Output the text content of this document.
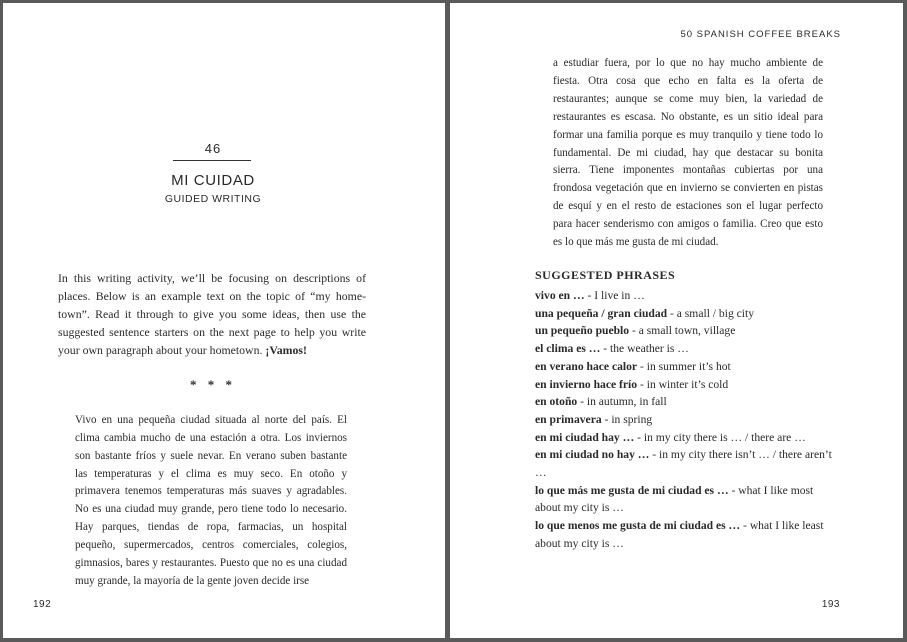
46
MI CUIDAD
GUIDED WRITING

In this writing activity, we’ll be focusing on descriptions of places. Below is an example text on the topic of “my home-town”. Read it through to give you some ideas, then use the suggested sentence starters on the next page to help you write your own paragraph about your hometown. ¡Vamos!

* * *

Vivo en una pequeña ciudad situada al norte del país. El clima cambia mucho de una estación a otra. Los inviernos son bastante fríos y suele nevar. En verano suben bastante las temperaturas y el clima es muy seco. En otoño y primavera tenemos temperaturas más suaves y agradables. No es una ciudad muy grande, pero tiene todo lo necesario. Hay parques, tiendas de ropa, farmacias, un hospital pequeño, supermercados, centros comerciales, colegios, gimnasios, bares y restaurantes. Puesto que no es una ciudad muy grande, la mayoría de la gente joven decide irse

192
50 SPANISH COFFEE BREAKS

a estudiar fuera, por lo que no hay mucho ambiente de fiesta. Otra cosa que echo en falta es la oferta de restaurantes; aunque se come muy bien, la variedad de restaurantes es escasa. No obstante, es un sitio ideal para formar una familia porque es muy tranquilo y tiene todo lo fundamental. De mi ciudad, hay que destacar su bonita sierra. Tiene imponentes montañas cubiertas por una frondosa vegetación que en invierno se convierten en pistas de esquí y en el resto de estaciones son el lugar perfecto para hacer senderismo con amigos o familia. Creo que esto es lo que más me gusta de mi ciudad.

SUGGESTED PHRASES
vivo en … - I live in …
una pequeña / gran ciudad - a small / big city
un pequeño pueblo - a small town, village
el clima es … - the weather is …
en verano hace calor - in summer it’s hot
en invierno hace frío - in winter it’s cold
en otoño - in autumn, in fall
en primavera - in spring
en mi ciudad hay … - in my city there is … / there are …
en mi ciudad no hay … - in my city there isn’t … / there aren’t …
lo que más me gusta de mi ciudad es … - what I like most about my city is …
lo que menos me gusta de mi ciudad es … - what I like least about my city is …
193
